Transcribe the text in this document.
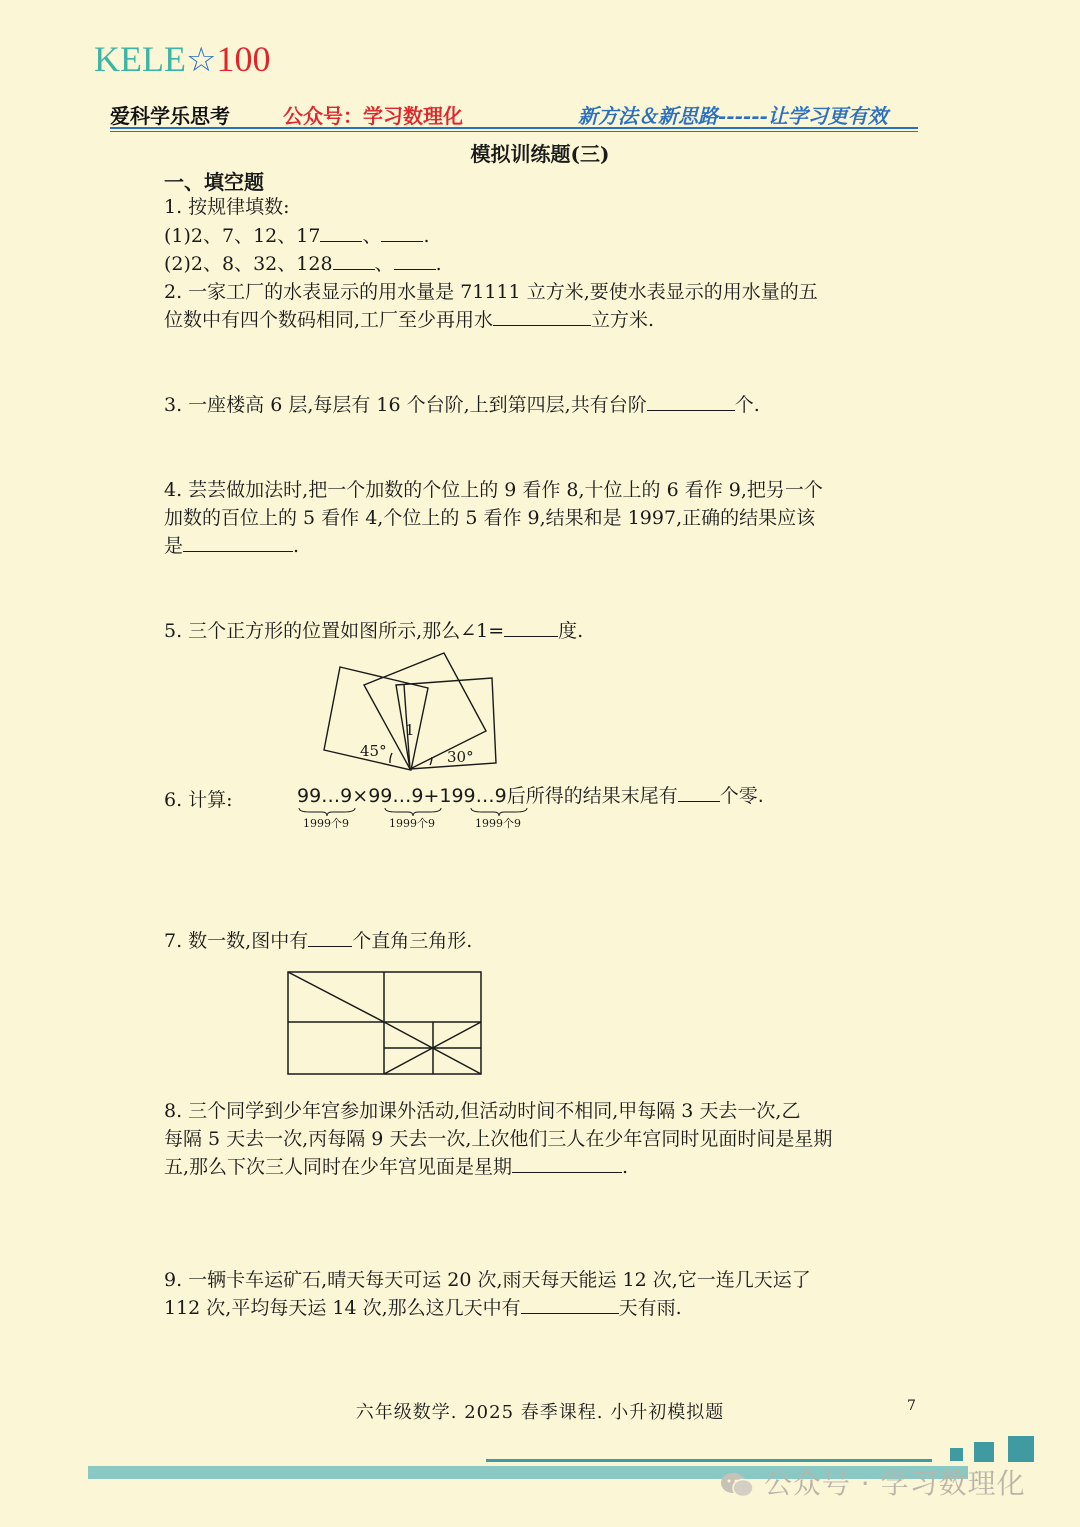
KELE☆100
爱科学乐思考	公众号：学习数理化	新方法＆新思路------让学习更有效
模拟训练题(三)
一、填空题
1. 按规律填数:
(1)2、7、12、17 、 .
(2)2、8、32、128 、 .
2. 一家工厂的水表显示的用水量是 71111 立方米,要使水表显示的用水量的五
位数中有四个数码相同,工厂至少再用水	立方米.
3. 一座楼高 6 层,每层有 16 个台阶,上到第四层,共有台阶	个.
4. 芸芸做加法时,把一个加数的个位上的 9 看作 8,十位上的 6 看作 9,把另一个
加数的百位上的 5 看作 4,个位上的 5 看作 9,结果和是 1997,正确的结果应该
是	.
5. 三个正方形的位置如图所示,那么∠1=	度.
45°	30°
1
6. 计算:	99…9×99…9+199…9后所得的结果末尾有 个零.
1999个9	1999个9	1999个9
7. 数一数,图中有 个直角三角形.
8. 三个同学到少年宫参加课外活动,但活动时间不相同,甲每隔 3 天去一次,乙
每隔 5 天去一次,丙每隔 9 天去一次,上次他们三人在少年宫同时见面时间是星期
五,那么下次三人同时在少年宫见面是星期	.
9. 一辆卡车运矿石,晴天每天可运 20 次,雨天每天能运 12 次,它一连几天运了
112 次,平均每天运 14 次,那么这几天中有	天有雨.
六年级数学. 2025 春季课程. 小升初模拟题	7
公众号 · 学习数理化
